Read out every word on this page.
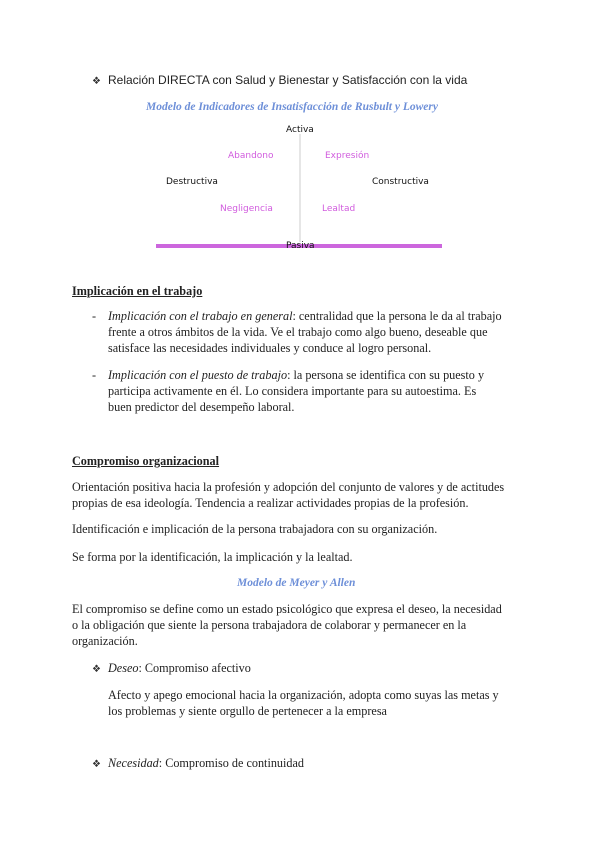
❖ Relación DIRECTA con Salud y Bienestar y Satisfacción con la vida
Modelo de Indicadores de Insatisfacción de Rusbult y Lowery
Activa
Pasiva
Destructiva	Constructiva
Abandono	Expresión
Negligencia	Lealtad
Implicación en el trabajo
- Implicación con el trabajo en general: centralidad que la persona le da al trabajo
frente a otros ámbitos de la vida. Ve el trabajo como algo bueno, deseable que
satisface las necesidades individuales y conduce al logro personal.
- Implicación con el puesto de trabajo: la persona se identifica con su puesto y
participa activamente en él. Lo considera importante para su autoestima. Es
buen predictor del desempeño laboral.
Compromiso organizacional
Orientación positiva hacia la profesión y adopción del conjunto de valores y de actitudes
propias de esa ideología. Tendencia a realizar actividades propias de la profesión.
Identificación e implicación de la persona trabajadora con su organización.
Se forma por la identificación, la implicación y la lealtad.
Modelo de Meyer y Allen
El compromiso se define como un estado psicológico que expresa el deseo, la necesidad
o la obligación que siente la persona trabajadora de colaborar y permanecer en la
organización.
❖ Deseo: Compromiso afectivo
Afecto y apego emocional hacia la organización, adopta como suyas las metas y
los problemas y siente orgullo de pertenecer a la empresa
❖ Necesidad: Compromiso de continuidad
